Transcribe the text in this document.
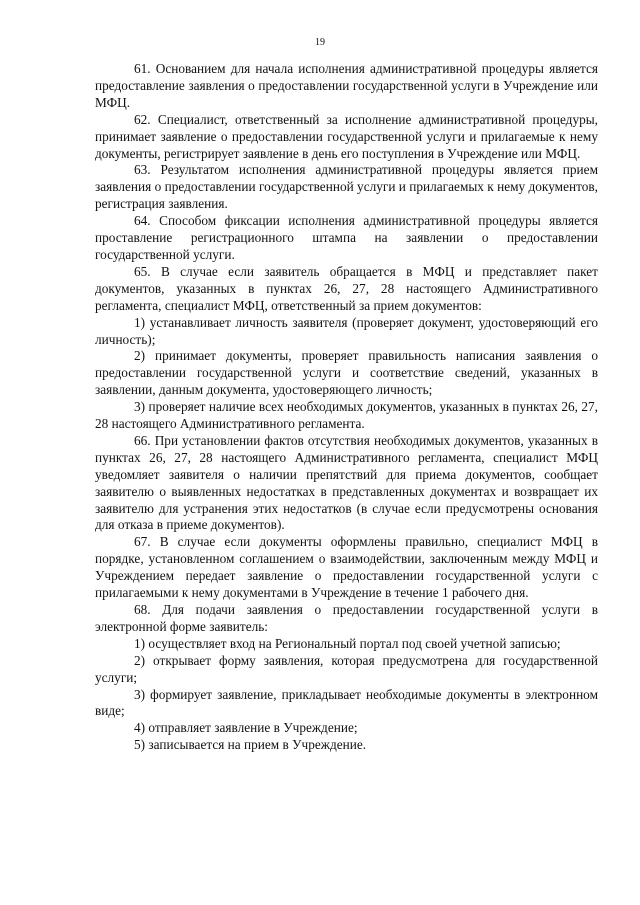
19

61. Основанием для начала исполнения административной процедуры является предоставление заявления о предоставлении государственной услуги в Учреждение или МФЦ.

62. Специалист, ответственный за исполнение административной процедуры, принимает заявление о предоставлении государственной услуги и прилагаемые к нему документы, регистрирует заявление в день его поступления в Учреждение или МФЦ.

63. Результатом исполнения административной процедуры является прием заявления о предоставлении государственной услуги и прилагаемых к нему документов, регистрация заявления.

64. Способом фиксации исполнения административной процедуры является проставление регистрационного штампа на заявлении о предоставлении государственной услуги.

65. В случае если заявитель обращается в МФЦ и представляет пакет документов, указанных в пунктах 26, 27, 28 настоящего Административного регламента, специалист МФЦ, ответственный за прием документов:

1) устанавливает личность заявителя (проверяет документ, удостоверяющий его личность);

2) принимает документы, проверяет правильность написания заявления о предоставлении государственной услуги и соответствие сведений, указанных в заявлении, данным документа, удостоверяющего личность;

3) проверяет наличие всех необходимых документов, указанных в пунктах 26, 27, 28 настоящего Административного регламента.

66. При установлении фактов отсутствия необходимых документов, указанных в пунктах 26, 27, 28 настоящего Административного регламента, специалист МФЦ уведомляет заявителя о наличии препятствий для приема документов, сообщает заявителю о выявленных недостатках в представленных документах и возвращает их заявителю для устранения этих недостатков (в случае если предусмотрены основания для отказа в приеме документов).

67. В случае если документы оформлены правильно, специалист МФЦ в порядке, установленном соглашением о взаимодействии, заключенным между МФЦ и Учреждением передает заявление о предоставлении государственной услуги с прилагаемыми к нему документами в Учреждение в течение 1 рабочего дня.

68. Для подачи заявления о предоставлении государственной услуги в электронной форме заявитель:

1) осуществляет вход на Региональный портал под своей учетной записью;

2) открывает форму заявления, которая предусмотрена для государственной услуги;

3) формирует заявление, прикладывает необходимые документы в электронном виде;

4) отправляет заявление в Учреждение;

5) записывается на прием в Учреждение.
